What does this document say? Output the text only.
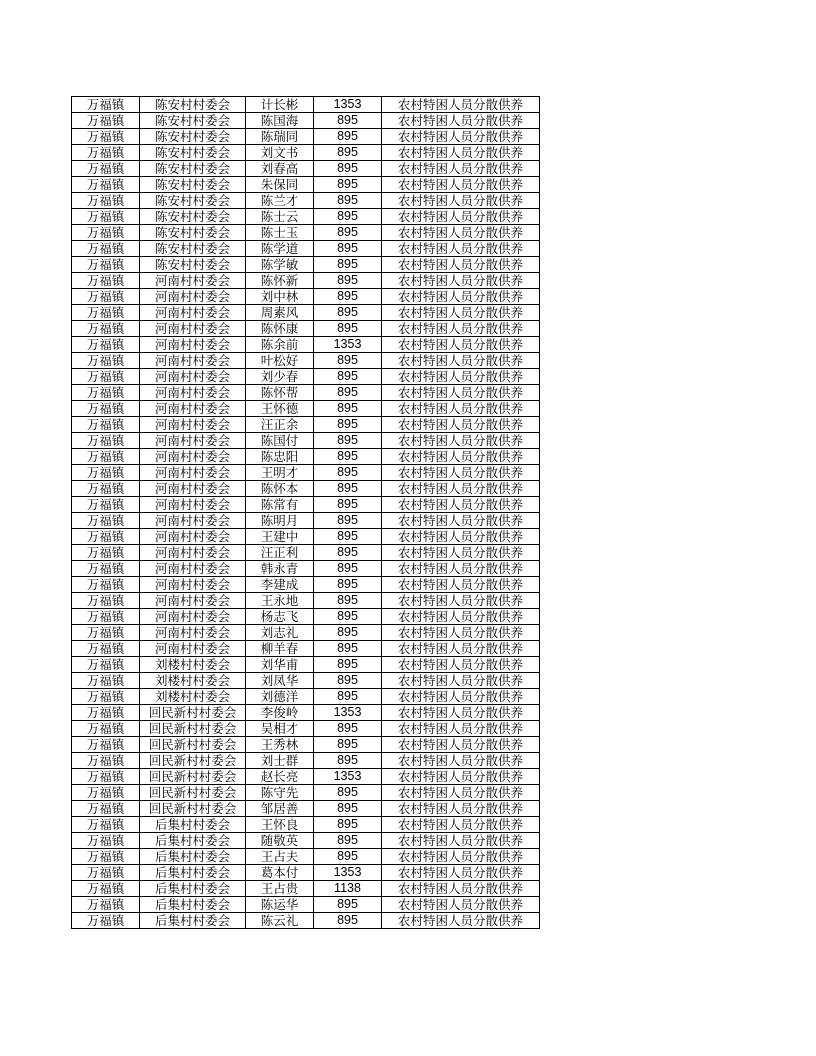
万福镇	陈安村村委会	计长彬	1353	农村特困人员分散供养
万福镇	陈安村村委会	陈国海	895	农村特困人员分散供养
万福镇	陈安村村委会	陈瑞同	895	农村特困人员分散供养
万福镇	陈安村村委会	刘文书	895	农村特困人员分散供养
万福镇	陈安村村委会	刘春高	895	农村特困人员分散供养
万福镇	陈安村村委会	朱保同	895	农村特困人员分散供养
万福镇	陈安村村委会	陈兰才	895	农村特困人员分散供养
万福镇	陈安村村委会	陈士云	895	农村特困人员分散供养
万福镇	陈安村村委会	陈士玉	895	农村特困人员分散供养
万福镇	陈安村村委会	陈学道	895	农村特困人员分散供养
万福镇	陈安村村委会	陈学敏	895	农村特困人员分散供养
万福镇	河南村村委会	陈怀新	895	农村特困人员分散供养
万福镇	河南村村委会	刘中林	895	农村特困人员分散供养
万福镇	河南村村委会	周素风	895	农村特困人员分散供养
万福镇	河南村村委会	陈怀康	895	农村特困人员分散供养
万福镇	河南村村委会	陈余前	1353	农村特困人员分散供养
万福镇	河南村村委会	叶松好	895	农村特困人员分散供养
万福镇	河南村村委会	刘少春	895	农村特困人员分散供养
万福镇	河南村村委会	陈怀帮	895	农村特困人员分散供养
万福镇	河南村村委会	王怀德	895	农村特困人员分散供养
万福镇	河南村村委会	汪正余	895	农村特困人员分散供养
万福镇	河南村村委会	陈国付	895	农村特困人员分散供养
万福镇	河南村村委会	陈忠阳	895	农村特困人员分散供养
万福镇	河南村村委会	王明才	895	农村特困人员分散供养
万福镇	河南村村委会	陈怀本	895	农村特困人员分散供养
万福镇	河南村村委会	陈常有	895	农村特困人员分散供养
万福镇	河南村村委会	陈明月	895	农村特困人员分散供养
万福镇	河南村村委会	王建中	895	农村特困人员分散供养
万福镇	河南村村委会	汪正利	895	农村特困人员分散供养
万福镇	河南村村委会	韩永青	895	农村特困人员分散供养
万福镇	河南村村委会	李建成	895	农村特困人员分散供养
万福镇	河南村村委会	王永地	895	农村特困人员分散供养
万福镇	河南村村委会	杨志飞	895	农村特困人员分散供养
万福镇	河南村村委会	刘志礼	895	农村特困人员分散供养
万福镇	河南村村委会	柳羊春	895	农村特困人员分散供养
万福镇	刘楼村村委会	刘华甫	895	农村特困人员分散供养
万福镇	刘楼村村委会	刘凤华	895	农村特困人员分散供养
万福镇	刘楼村村委会	刘德洋	895	农村特困人员分散供养
万福镇	回民新村村委会	李俊岭	1353	农村特困人员分散供养
万福镇	回民新村村委会	吴相才	895	农村特困人员分散供养
万福镇	回民新村村委会	王秀林	895	农村特困人员分散供养
万福镇	回民新村村委会	刘士群	895	农村特困人员分散供养
万福镇	回民新村村委会	赵长亮	1353	农村特困人员分散供养
万福镇	回民新村村委会	陈守先	895	农村特困人员分散供养
万福镇	回民新村村委会	邹居善	895	农村特困人员分散供养
万福镇	后集村村委会	王怀良	895	农村特困人员分散供养
万福镇	后集村村委会	随敬英	895	农村特困人员分散供养
万福镇	后集村村委会	王占夫	895	农村特困人员分散供养
万福镇	后集村村委会	葛本付	1353	农村特困人员分散供养
万福镇	后集村村委会	王占贵	1138	农村特困人员分散供养
万福镇	后集村村委会	陈运华	895	农村特困人员分散供养
万福镇	后集村村委会	陈云礼	895	农村特困人员分散供养
